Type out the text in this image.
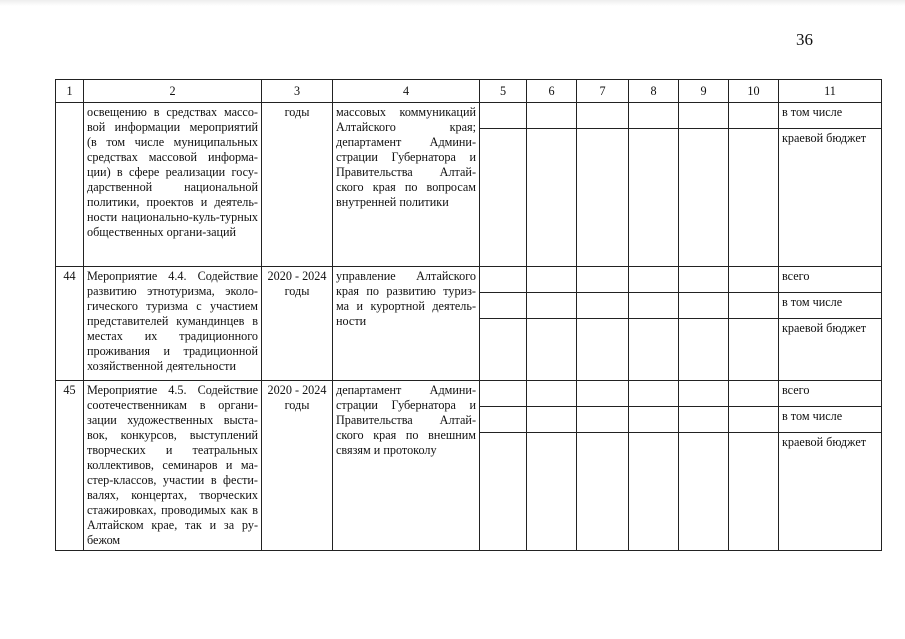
36
1	2	3	4	5	6	7	8	9	10	11
	освещению в средствах массо-вой информации мероприятий (в том числе муниципальных средствах массовой информа-ции) в сфере реализации госу-дарственной национальной политики, проектов и деятель-ности национально-куль-турных общественных органи-заций	годы	массовых коммуникаций Алтайского края; департамент Админи-страции Губернатора и Правительства Алтай-ского края по вопросам внутренней политики							в том числе
										краевой бюджет
44	Мероприятие 4.4. Содействие развитию этнотуризма, эколо-гического туризма с участием представителей кумандинцев в местах их традиционного проживания и традиционной хозяйственной деятельности	2020 - 2024 годы	управление Алтайского края по развитию туриз-ма и курортной деятель-ности							всего
										в том числе
										краевой бюджет
45	Мероприятие 4.5. Содействие соотечественникам в органи-зации художественных выста-вок, конкурсов, выступлений творческих и театральных коллективов, семинаров и ма-стер-классов, участии в фести-валях, концертах, творческих стажировках, проводимых как в Алтайском крае, так и за ру-бежом	2020 - 2024 годы	департамент Админи-страции Губернатора и Правительства Алтай-ского края по внешним связям и протоколу							всего
										в том числе
										краевой бюджет
